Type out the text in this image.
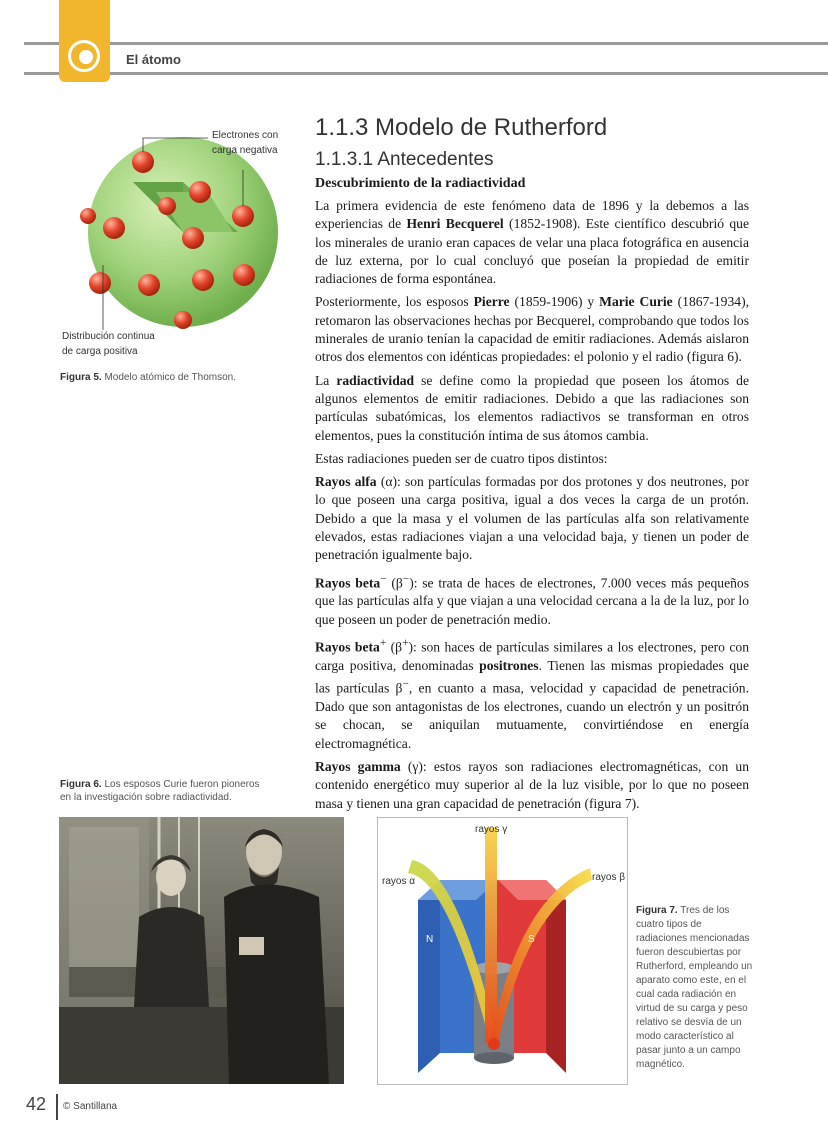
El átomo
Electrones con
carga negativa
Distribución continua
de carga positiva
Figura 5. Modelo atómico de Thomson.
1.1.3 Modelo de Rutherford
1.1.3.1 Antecedentes
Descubrimiento de la radiactividad

La primera evidencia de este fenómeno data de 1896 y la debemos a las experiencias de Henri Becquerel (1852-1908). Este científico descubrió que los minerales de uranio eran capaces de velar una placa fotográfica en ausencia de luz externa, por lo cual concluyó que poseían la propiedad de emitir radiaciones de forma espontánea.

Posteriormente, los esposos Pierre (1859-1906) y Marie Curie (1867-1934), retomaron las observaciones hechas por Becquerel, comprobando que todos los minerales de uranio tenían la capacidad de emitir radiaciones. Además aislaron otros dos elementos con idénticas propiedades: el polonio y el radio (figura 6).

La radiactividad se define como la propiedad que poseen los átomos de algunos elementos de emitir radiaciones. Debido a que las radiaciones son partículas subatómicas, los elementos radiactivos se transforman en otros elementos, pues la constitución íntima de sus átomos cambia.

Estas radiaciones pueden ser de cuatro tipos distintos:

Rayos alfa (α): son partículas formadas por dos protones y dos neutrones, por lo que poseen una carga positiva, igual a dos veces la carga de un protón. Debido a que la masa y el volumen de las partículas alfa son relativamente elevados, estas radiaciones viajan a una velocidad baja, y tienen un poder de penetración igualmente bajo.

Rayos beta− (β−): se trata de haces de electrones, 7.000 veces más pequeños que las partículas alfa y que viajan a una velocidad cercana a la de la luz, por lo que poseen un poder de penetración medio.

Rayos beta+ (β+): son haces de partículas similares a los electrones, pero con carga positiva, denominadas positrones. Tienen las mismas propiedades que las partículas β−, en cuanto a masa, velocidad y capacidad de penetración. Dado que son antagonistas de los electrones, cuando un electrón y un positrón se chocan, se aniquilan mutuamente, convirtiéndose en energía electromagnética.

Rayos gamma (γ): estos rayos son radiaciones electromagnéticas, con un contenido energético muy superior al de la luz visible, por lo que no poseen masa y tienen una gran capacidad de penetración (figura 7).

Figura 6. Los esposos Curie fueron pioneros en la investigación sobre radiactividad.
rayos γ
rayos α	rayos β
N	S
Figura 7. Tres de los cuatro tipos de radiaciones mencionadas fueron descubiertas por Rutherford, empleando un aparato como este, en el cual cada radiación en virtud de su carga y peso relativo se desvía de un modo característico al pasar junto a un campo magnético.
42 © Santillana
